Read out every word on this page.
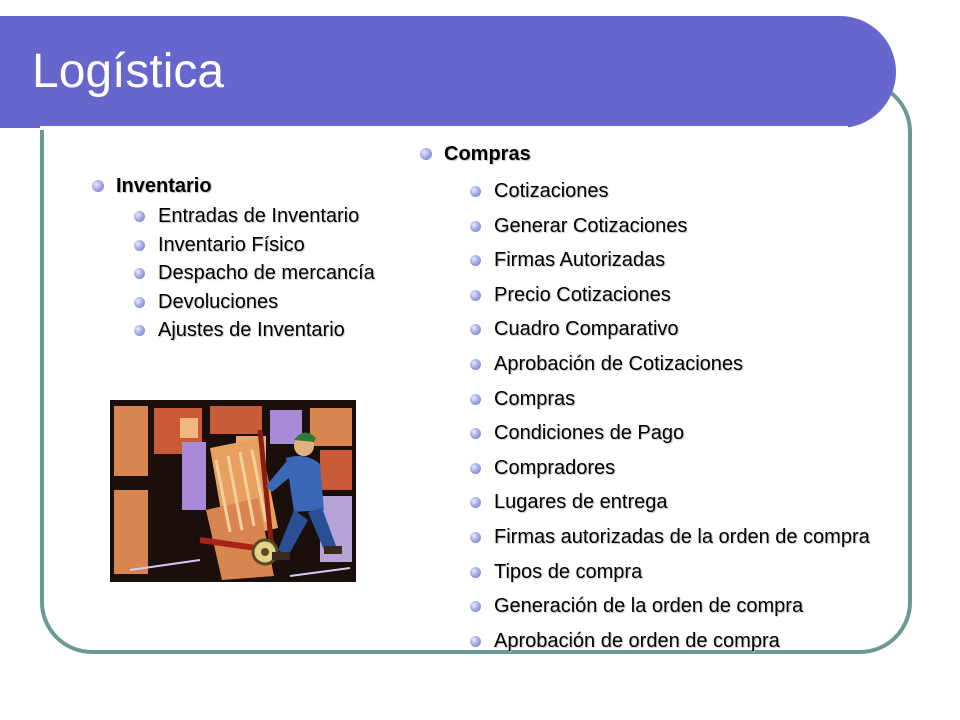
Logística
Inventario
Entradas de Inventario
Inventario Físico
Despacho de mercancía
Devoluciones
Ajustes de Inventario
Compras
Cotizaciones
Generar Cotizaciones
Firmas Autorizadas
Precio Cotizaciones
Cuadro Comparativo
Aprobación de Cotizaciones
Compras
Condiciones de Pago
Compradores
Lugares de entrega
Firmas autorizadas de la orden de compra
Tipos de compra
Generación de la orden de compra
Aprobación de orden de compra
